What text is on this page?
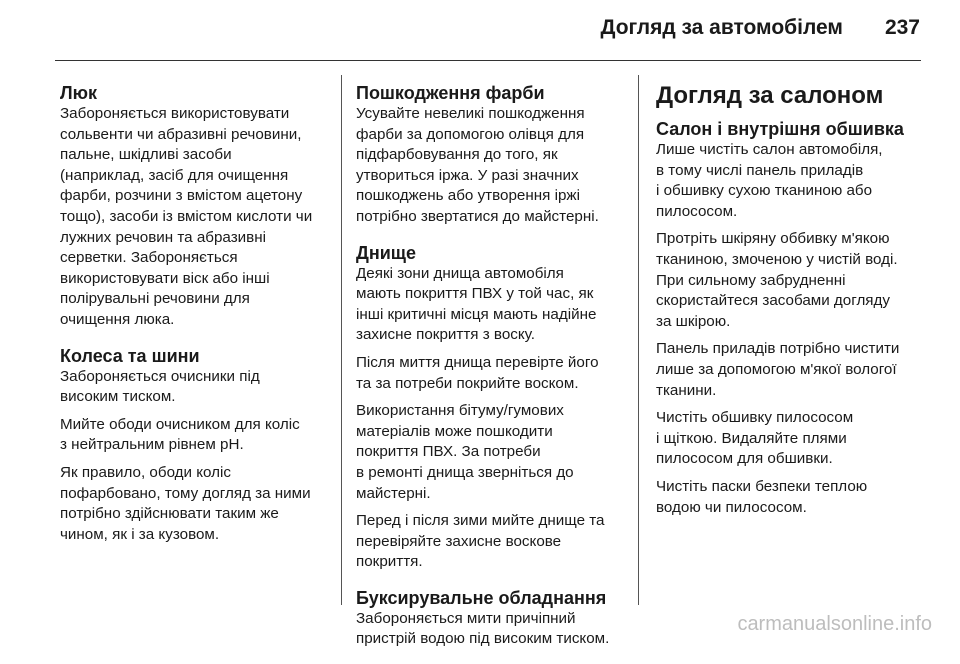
Догляд за автомобілем 237
Люк

Забороняється використовувати
сольвенти чи абразивні речовини,
пальне, шкідливі засоби
(наприклад, засіб для очищення
фарби, розчини з вмістом ацетону
тощо), засоби із вмістом кислоти чи
лужних речовин та абразивні
серветки. Забороняється
використовувати віск або інші
полірувальні речовини для
очищення люка.

Колеса та шини

Забороняється очисники під
високим тиском.

Мийте ободи очисником для коліс
з нейтральним рівнем pH.

Як правило, ободи коліс
пофарбовано, тому догляд за ними
потрібно здійснювати таким же
чином, як і за кузовом.

Пошкодження фарби

Усувайте невеликі пошкодження
фарби за допомогою олівця для
підфарбовування до того, як
утвориться іржа. У разі значних
пошкоджень або утворення іржі
потрібно звертатися до майстерні.

Днище

Деякі зони днища автомобіля
мають покриття ПВХ у той час, як
інші критичні місця мають надійне
захисне покриття з воску.

Після миття днища перевірте його
та за потреби покрийте воском.

Використання бітуму/гумових
матеріалів може пошкодити
покриття ПВХ. За потреби
в ремонті днища зверніться до
майстерні.

Перед і після зими мийте днище та
перевіряйте захисне воскове
покриття.

Буксирувальне обладнання

Забороняється мити причіпний
пристрій водою під високим тиском.

Догляд за салоном
Салон і внутрішня обшивка

Лише чистіть салон автомобіля,
в тому числі панель приладів
і обшивку сухою тканиною або
пилососом.

Протріть шкіряну оббивку м'якою
тканиною, змоченою у чистій воді.
При сильному забрудненні
скористайтеся засобами догляду
за шкірою.

Панель приладів потрібно чистити
лише за допомогою м'якої вологої
тканини.

Чистіть обшивку пилососом
і щіткою. Видаляйте плями
пилососом для обшивки.

Чистіть паски безпеки теплою
водою чи пилососом.

carmanualsonline.info
